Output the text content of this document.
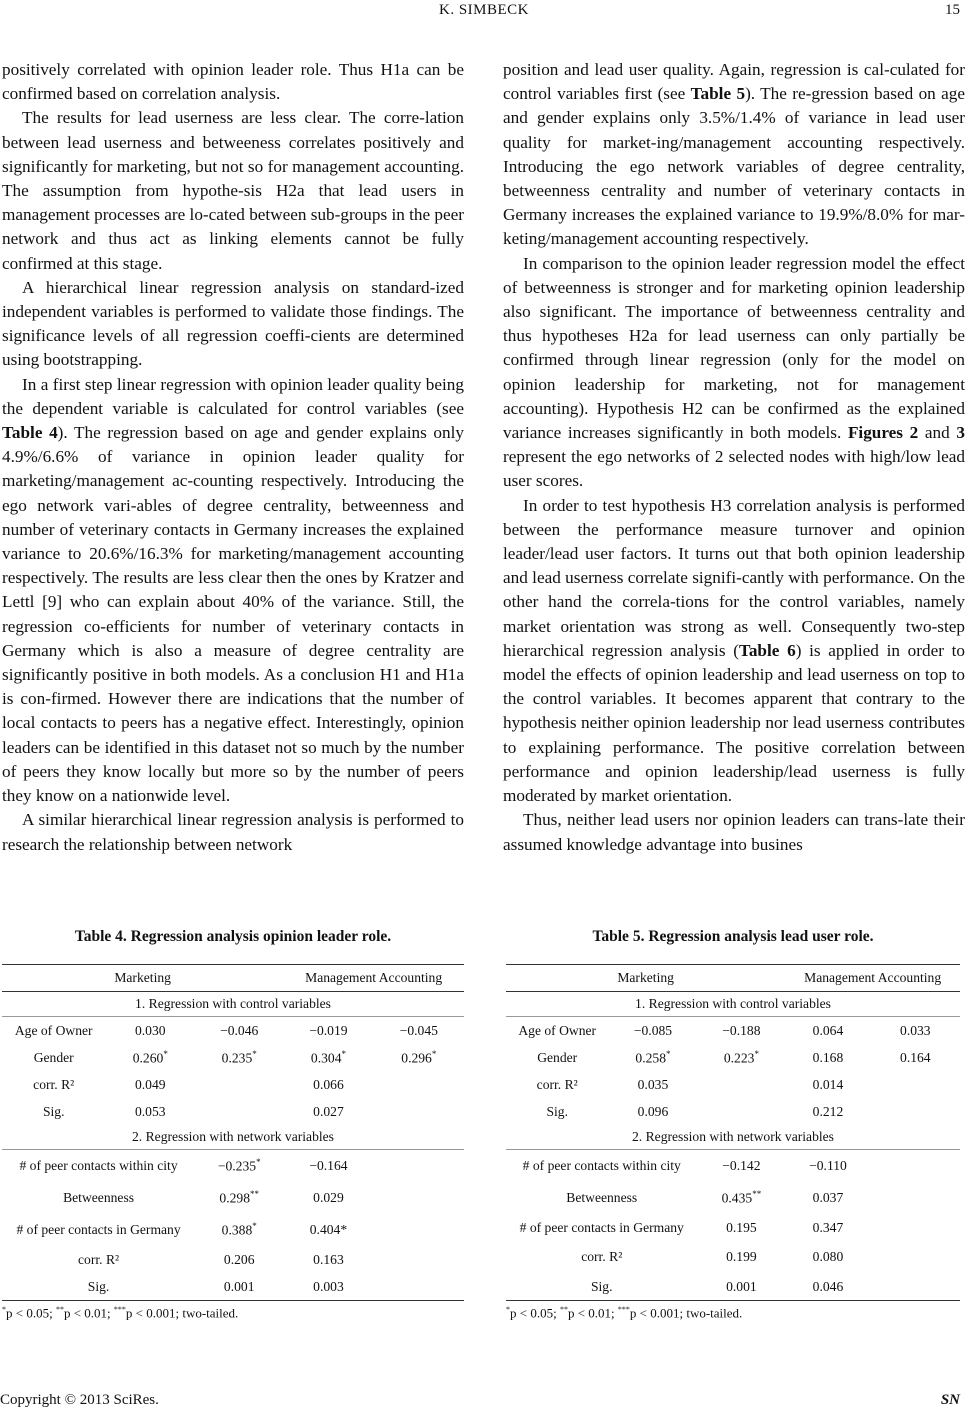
K. SIMBECK	15

positively correlated with opinion leader role. Thus H1a can be confirmed based on correlation analysis.

The results for lead userness are less clear. The corre-lation between lead userness and betweeness correlates positively and significantly for marketing, but not so for management accounting. The assumption from hypothe-sis H2a that lead users in management processes are lo-cated between sub-groups in the peer network and thus act as linking elements cannot be fully confirmed at this stage.

A hierarchical linear regression analysis on standard-ized independent variables is performed to validate those findings. The significance levels of all regression coeffi-cients are determined using bootstrapping.

In a first step linear regression with opinion leader quality being the dependent variable is calculated for control variables (see Table 4). The regression based on age and gender explains only 4.9%/6.6% of variance in opinion leader quality for marketing/management ac-counting respectively. Introducing the ego network vari-ables of degree centrality, betweenness and number of veterinary contacts in Germany increases the explained variance to 20.6%/16.3% for marketing/management accounting respectively. The results are less clear then the ones by Kratzer and Lettl [9] who can explain about 40% of the variance. Still, the regression co-efficients for number of veterinary contacts in Germany which is also a measure of degree centrality are significantly positive in both models. As a conclusion H1 and H1a is con-firmed. However there are indications that the number of local contacts to peers has a negative effect. Interestingly, opinion leaders can be identified in this dataset not so much by the number of peers they know locally but more so by the number of peers they know on a nationwide level.

A similar hierarchical linear regression analysis is performed to research the relationship between network

position and lead user quality. Again, regression is cal-culated for control variables first (see Table 5). The re-gression based on age and gender explains only 3.5%/1.4% of variance in lead user quality for market-ing/management accounting respectively. Introducing the ego network variables of degree centrality, betweenness centrality and number of veterinary contacts in Germany increases the explained variance to 19.9%/8.0% for mar-keting/management accounting respectively.

In comparison to the opinion leader regression model the effect of betweenness is stronger and for marketing opinion leadership also significant. The importance of betweenness centrality and thus hypotheses H2a for lead userness can only partially be confirmed through linear regression (only for the model on opinion leadership for marketing, not for management accounting). Hypothesis H2 can be confirmed as the explained variance increases significantly in both models. Figures 2 and 3 represent the ego networks of 2 selected nodes with high/low lead user scores.

In order to test hypothesis H3 correlation analysis is performed between the performance measure turnover and opinion leader/lead user factors. It turns out that both opinion leadership and lead userness correlate signifi-cantly with performance. On the other hand the correla-tions for the control variables, namely market orientation was strong as well. Consequently two-step hierarchical regression analysis (Table 6) is applied in order to model the effects of opinion leadership and lead userness on top to the control variables. It becomes apparent that contrary to the hypothesis neither opinion leadership nor lead userness contributes to explaining performance. The positive correlation between performance and opinion leadership/lead userness is fully moderated by market orientation.

Thus, neither lead users nor opinion leaders can trans-late their assumed knowledge advantage into busines

Table 4. Regression analysis opinion leader role.
Marketing			Management Accounting	
1. Regression with control variables				
Age of Owner	0.030	−0.046	−0.019	−0.045
Gender	0.260*	0.235*	0.304*	0.296*
corr. R²	0.049		0.066	
Sig.	0.053		0.027	
2. Regression with network variables				
# of peer contacts within city		−0.235*	−0.164	
Betweenness		0.298**	0.029	
# of peer contacts in Germany		0.388*	0.404*	
corr. R²		0.206	0.163	
Sig.		0.001	0.003	
*p < 0.05; **p < 0.01; ***p < 0.001; two-tailed.
Table 5. Regression analysis lead user role.
Marketing			Management Accounting	
1. Regression with control variables				
Age of Owner	−0.085	−0.188	0.064	0.033
Gender	0.258*	0.223*	0.168	0.164
corr. R²	0.035		0.014	
Sig.	0.096		0.212	
2. Regression with network variables				
# of peer contacts within city		−0.142	−0.110	
Betweenness		0.435**	0.037	
# of peer contacts in Germany		0.195	0.347	
corr. R²		0.199	0.080	
Sig.		0.001	0.046	
*p < 0.05; **p < 0.01; ***p < 0.001; two-tailed.
Copyright © 2013 SciRes.	SN
